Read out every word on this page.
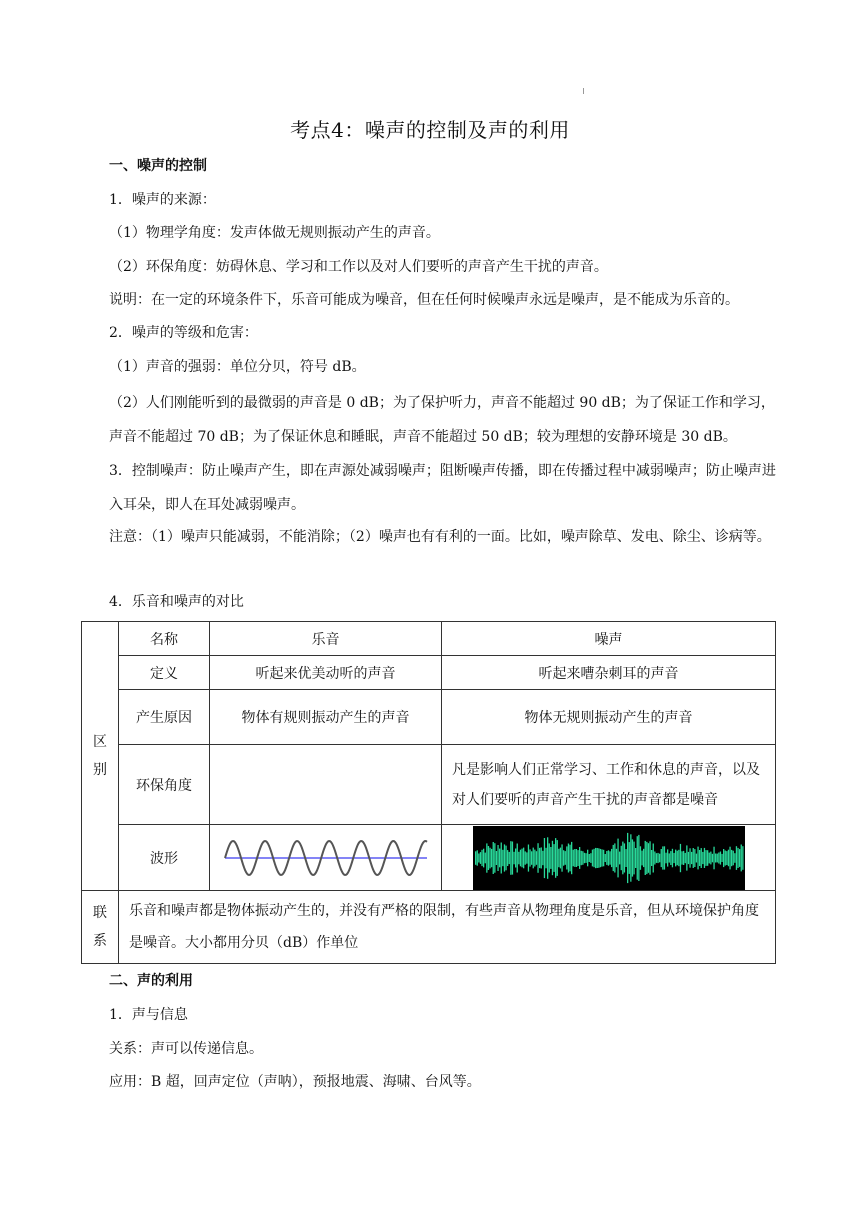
考点4：噪声的控制及声的利用
一、噪声的控制

1．噪声的来源：

（1）物理学角度：发声体做无规则振动产生的声音。

（2）环保角度：妨碍休息、学习和工作以及对人们要听的声音产生干扰的声音。

说明：在一定的环境条件下，乐音可能成为噪音，但在任何时候噪声永远是噪声，是不能成为乐音的。

2．噪声的等级和危害：

（1）声音的强弱：单位分贝，符号 dB。

（2）人们刚能听到的最微弱的声音是 0 dB；为了保护听力，声音不能超过 90 dB；为了保证工作和学习，声音不能超过 70 dB；为了保证休息和睡眠，声音不能超过 50 dB；较为理想的安静环境是 30 dB。

3．控制噪声：防止噪声产生，即在声源处减弱噪声；阻断噪声传播，即在传播过程中减弱噪声；防止噪声进入耳朵，即人在耳处减弱噪声。

注意：（1）噪声只能减弱，不能消除；（2）噪声也有有利的一面。比如，噪声除草、发电、除尘、诊病等。

4．乐音和噪声的对比

区
别	名称	乐音	噪声
	定义	听起来优美动听的声音	听起来嘈杂刺耳的声音
	产生原因	物体有规则振动产生的声音	物体无规则振动产生的声音
	环保角度		凡是影响人们正常学习、工作和休息的声音，以及对人们要听的声音产生干扰的声音都是噪音
	波形	

联
系	乐音和噪声都是物体振动产生的，并没有严格的限制，有些声音从物理角度是乐音，但从环境保护角度是噪音。大小都用分贝（dB）作单位		
二、声的利用

1．声与信息

关系：声可以传递信息。

应用：B 超，回声定位（声呐），预报地震、海啸、台风等。
